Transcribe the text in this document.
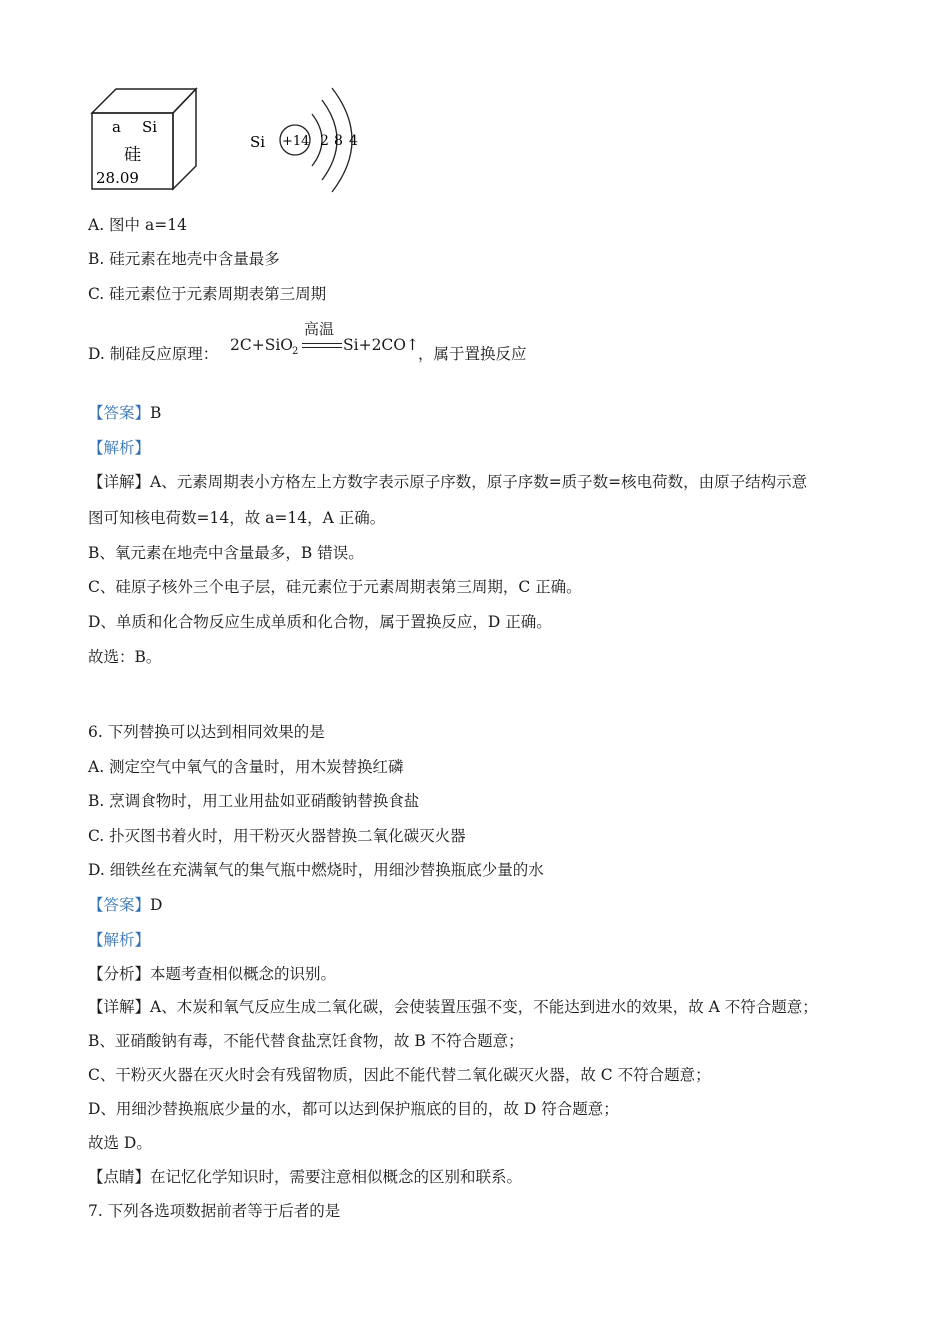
a Si
硅
28.09
Si +14 2 8 4
A. 图中 a=14
B. 硅元素在地壳中含量最多
C. 硅元素位于元素周期表第三周期
D. 制硅反应原理： 2C+SiO 2
高温
Si+2CO↑ ，属于置换反应
【答案】B
【解析】
【详解】A、元素周期表小方格左上方数字表示原子序数，原子序数=质子数=核电荷数，由原子结构示意
图可知核电荷数=14，故 a=14，A 正确。
B、氧元素在地壳中含量最多，B 错误。
C、硅原子核外三个电子层，硅元素位于元素周期表第三周期，C 正确。
D、单质和化合物反应生成单质和化合物，属于置换反应，D 正确。
故选：B。
6. 下列替换可以达到相同效果的是
A. 测定空气中氧气的含量时，用木炭替换红磷
B. 烹调食物时，用工业用盐如亚硝酸钠替换食盐
C. 扑灭图书着火时，用干粉灭火器替换二氧化碳灭火器
D. 细铁丝在充满氧气的集气瓶中燃烧时，用细沙替换瓶底少量的水
【答案】D
【解析】
【分析】本题考查相似概念的识别。
【详解】A、木炭和氧气反应生成二氧化碳，会使装置压强不变，不能达到进水的效果，故 A 不符合题意；
B、亚硝酸钠有毒，不能代替食盐烹饪食物，故 B 不符合题意；
C、干粉灭火器在灭火时会有残留物质，因此不能代替二氧化碳灭火器，故 C 不符合题意；
D、用细沙替换瓶底少量的水，都可以达到保护瓶底的目的，故 D 符合题意；
故选 D。
【点睛】在记忆化学知识时，需要注意相似概念的区别和联系。
7. 下列各选项数据前者等于后者的是
